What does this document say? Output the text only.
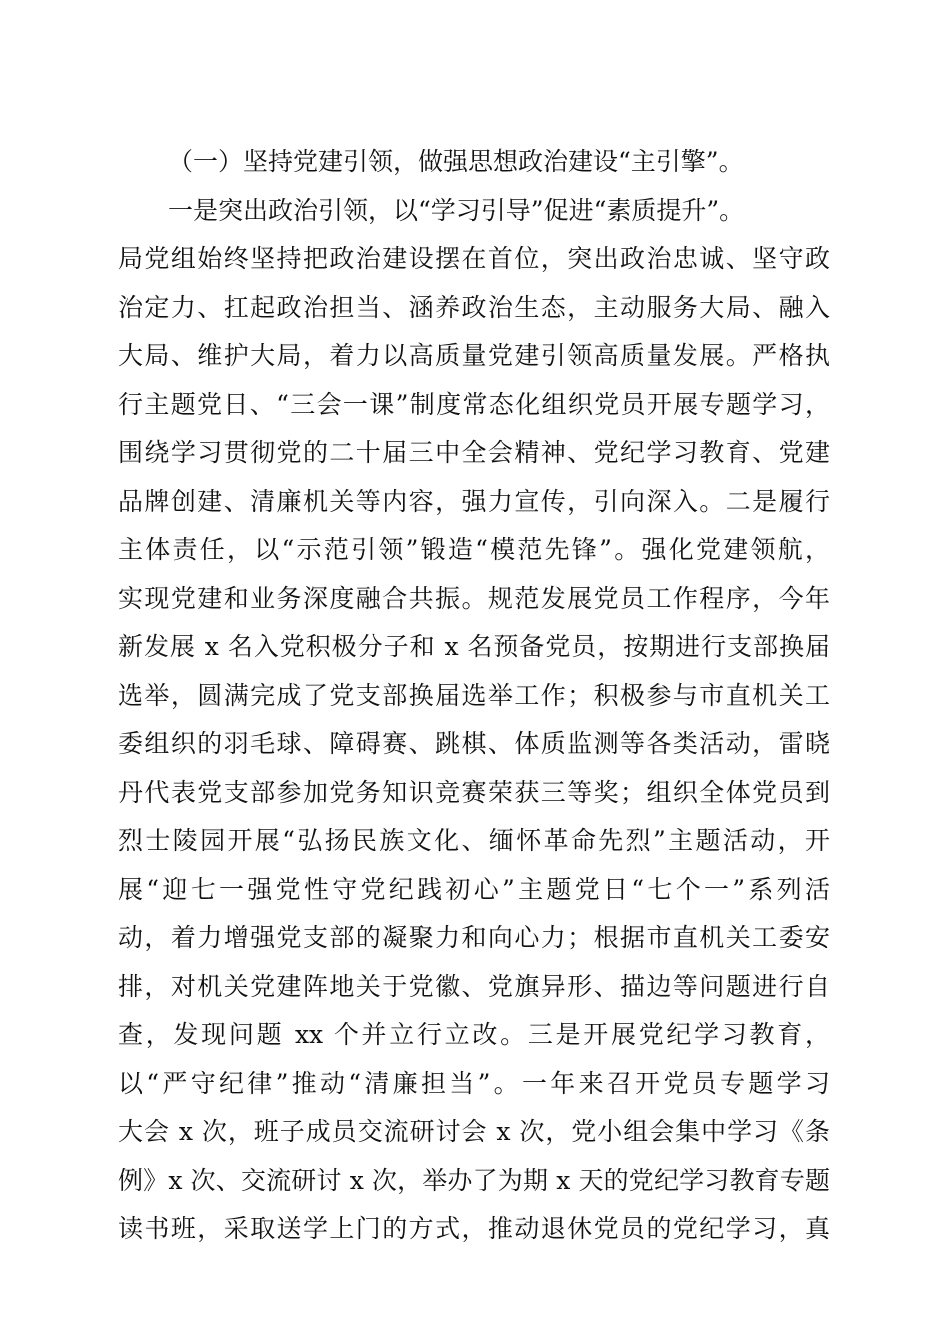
（一）坚持党建引领，做强思想政治建设“主引擎”。
一是突出政治引领，以“学习引导”促进“素质提升”。
局党组始终坚持把政治建设摆在首位，突出政治忠诚、坚守政
治定力、扛起政治担当、涵养政治生态，主动服务大局、融入
大局、维护大局，着力以高质量党建引领高质量发展。严格执
行主题党日、“三会一课”制度常态化组织党员开展专题学习，
围绕学习贯彻党的二十届三中全会精神、党纪学习教育、党建
品牌创建、清廉机关等内容，强力宣传，引向深入。二是履行
主体责任，以“示范引领”锻造“模范先锋”。强化党建领航，
实现党建和业务深度融合共振。规范发展党员工作程序，今年
新发展 x 名入党积极分子和 x 名预备党员，按期进行支部换届
选举，圆满完成了党支部换届选举工作；积极参与市直机关工
委组织的羽毛球、障碍赛、跳棋、体质监测等各类活动，雷晓
丹代表党支部参加党务知识竞赛荣获三等奖；组织全体党员到
烈士陵园开展“弘扬民族文化、缅怀革命先烈”主题活动，开
展“迎七一强党性守党纪践初心”主题党日“七个一”系列活
动，着力增强党支部的凝聚力和向心力；根据市直机关工委安
排，对机关党建阵地关于党徽、党旗异形、描边等问题进行自
查，发现问题 xx 个并立行立改。三是开展党纪学习教育，
以“严守纪律”推动“清廉担当”。一年来召开党员专题学习
大会 x 次，班子成员交流研讨会 x 次，党小组会集中学习《条
例》x 次、交流研讨 x 次，举办了为期 x 天的党纪学习教育专题
读书班，采取送学上门的方式，推动退休党员的党纪学习，真
